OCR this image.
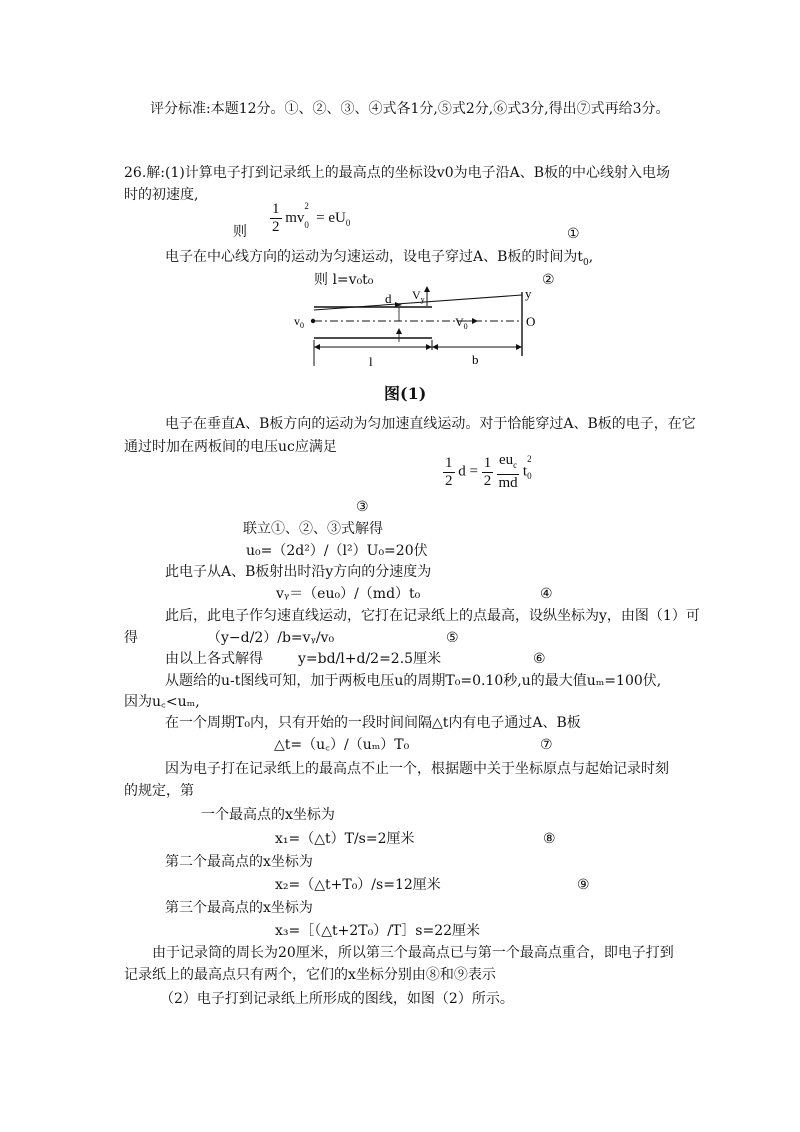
评分标准:本题12分。①、②、③、④式各1分,⑤式2分,⑥式3分,得出⑦式再给3分。
26.解:(1)计算电子打到记录纸上的最高点的坐标设v0为电子沿A、B板的中心线射入电场
时的初速度,
则 $\frac{1}{2}$ mv 0
2
= $eU_0$
①
电子在中心线方向的运动为匀速运动，设电子穿过A、B板的时间为$t_0$,
则 l=v₀t₀	②
d $V_y$	y
$v_0$	$V_0$	O
l	b
图(1)
电子在垂直A、B板方向的运动为匀加速直线运动。对于恰能穿过A、B板的电子，在它
通过时加在两板间的电压uc应满足
$\frac{1}{2}$ $d = \frac{1}{2}$
$eu_c$
md
t 0
2
③
联立①、②、③式解得
u₀=（2d²）/（l²）U₀=20伏
此电子从A、B板射出时沿y方向的分速度为
vᵧ＝（eu₀）/（md）t₀	④
此后，此电子作匀速直线运动，它打在记录纸上的点最高，设纵坐标为y，由图（1）可
得	（y−d/2）/b=vᵧ/v₀	⑤
由以上各式解得	y=bd/l+d/2=2.5厘米	⑥
从题给的u-t图线可知，加于两板电压u的周期T₀=0.10秒,u的最大值uₘ=100伏,
因为u꜀<uₘ,
在一个周期T₀内，只有开始的一段时间间隔△t内有电子通过A、B板
△t=（u꜀）/（uₘ）T₀	⑦
因为电子打在记录纸上的最高点不止一个，根据题中关于坐标原点与起始记录时刻
的规定，第
一个最高点的x坐标为
x₁=（△t）T/s=2厘米	⑧
第二个最高点的x坐标为
x₂=（△t+T₀）/s=12厘米	⑨
第三个最高点的x坐标为
x₃=［（△t+2T₀）/T］s=22厘米
由于记录筒的周长为20厘米，所以第三个最高点已与第一个最高点重合，即电子打到
记录纸上的最高点只有两个，它们的x坐标分别由⑧和⑨表示
（2）电子打到记录纸上所形成的图线，如图（2）所示。
